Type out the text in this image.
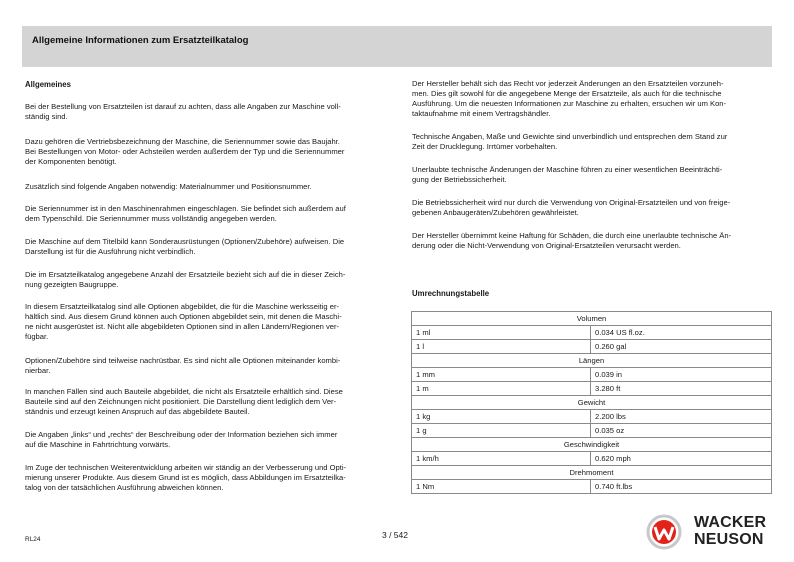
Allgemeine Informationen zum Ersatzteilkatalog
Allgemeines

Bei der Bestellung von Ersatzteilen ist darauf zu achten, dass alle Angaben zur Maschine voll-

ständig sind.

Dazu gehören die Vertriebsbezeichnung der Maschine, die Seriennummer sowie das Baujahr.

Bei Bestellungen von Motor- oder Achsteilen werden außerdem der Typ und die Seriennummer

der Komponenten benötigt.

Zusätzlich sind folgende Angaben notwendig: Materialnummer und Positionsnummer.

Die Seriennummer ist in den Maschinenrahmen eingeschlagen. Sie befindet sich außerdem auf

dem Typenschild. Die Seriennummer muss vollständig angegeben werden.

Die Maschine auf dem Titelbild kann Sonderausrüstungen (Optionen/Zubehöre) aufweisen. Die

Darstellung ist für die Ausführung nicht verbindlich.

Die im Ersatzteilkatalog angegebene Anzahl der Ersatzteile bezieht sich auf die in dieser Zeich-

nung gezeigten Baugruppe.

In diesem Ersatzteilkatalog sind alle Optionen abgebildet, die für die Maschine werksseitig er-

hältlich sind. Aus diesem Grund können auch Optionen abgebildet sein, mit denen die Maschi-

ne nicht ausgerüstet ist. Nicht alle abgebildeten Optionen sind in allen Ländern/Regionen ver-

fügbar.

Optionen/Zubehöre sind teilweise nachrüstbar. Es sind nicht alle Optionen miteinander kombi-

nierbar.

In manchen Fällen sind auch Bauteile abgebildet, die nicht als Ersatzteile erhältlich sind. Diese

Bauteile sind auf den Zeichnungen nicht positioniert. Die Darstellung dient lediglich dem Ver-

ständnis und erzeugt keinen Anspruch auf das abgebildete Bauteil.

Die Angaben „links“ und „rechts“ der Beschreibung oder der Information beziehen sich immer

auf die Maschine in Fahrtrichtung vorwärts.

Im Zuge der technischen Weiterentwicklung arbeiten wir ständig an der Verbesserung und Opti-

mierung unserer Produkte. Aus diesem Grund ist es möglich, dass Abbildungen im Ersatzteilka-

talog von der tatsächlichen Ausführung abweichen können.

Der Hersteller behält sich das Recht vor jederzeit Änderungen an den Ersatzteilen vorzuneh-

men. Dies gilt sowohl für die angegebene Menge der Ersatzteile, als auch für die technische

Ausführung. Um die neuesten Informationen zur Maschine zu erhalten, ersuchen wir um Kon-

taktaufnahme mit einem Vertragshändler.

Technische Angaben, Maße und Gewichte sind unverbindlich und entsprechen dem Stand zur

Zeit der Drucklegung. Irrtümer vorbehalten.

Unerlaubte technische Änderungen der Maschine führen zu einer wesentlichen Beeinträchti-

gung der Betriebssicherheit.

Die Betriebssicherheit wird nur durch die Verwendung von Original-Ersatzteilen und von freige-

gebenen Anbaugeräten/Zubehören gewährleistet.

Der Hersteller übernimmt keine Haftung für Schäden, die durch eine unerlaubte technische Än-

derung oder die Nicht-Verwendung von Original-Ersatzteilen verursacht werden.

Umrechnungstabelle
Volumen	
1 ml	0.034 US fl.oz.
1 l	0.260 gal
Längen	
1 mm	0.039 in
1 m	3.280 ft
Gewicht	
1 kg	2.200 lbs
1 g	0.035 oz
Geschwindigkeit	
1 km/h	0.620 mph
Drehmoment	
1 Nm	0.740 ft.lbs
RL24	3 / 542
WACKER
NEUSON
